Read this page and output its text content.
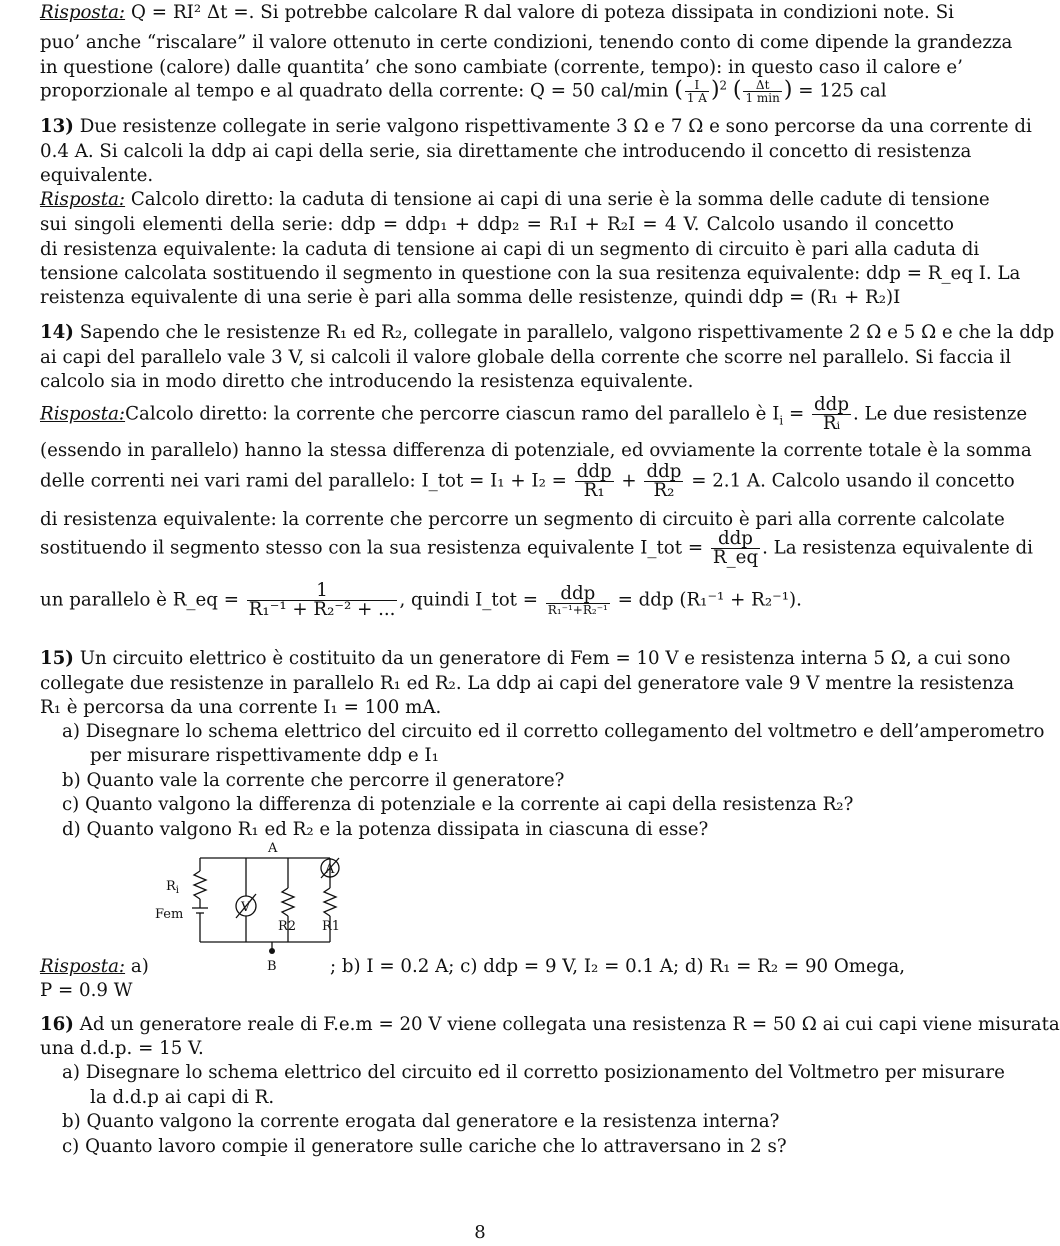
Risposta: Q = RI² Δt =. Si potrebbe calcolare R dal valore di poteza dissipata in condizioni note. Si
puo’ anche “riscalare” il valore ottenuto in certe condizioni, tenendo conto di come dipende la grandezza
in questione (calore) dalle quantita’ che sono cambiate (corrente, tempo): in questo caso il calore e’
proporzionale al tempo e al quadrato della corrente: Q = 50 cal/min ( $\frac{I}{1 A} )^2$ ( $\frac{\Delta t}{1 \min}$ ) = 125 cal
13) Due resistenze collegate in serie valgono rispettivamente 3 Ω e 7 Ω e sono percorse da una corrente di
0.4 A. Si calcoli la ddp ai capi della serie, sia direttamente che introducendo il concetto di resistenza
equivalente.
Risposta: Calcolo diretto: la caduta di tensione ai capi di una serie è la somma delle cadute di tensione
sui singoli elementi della serie: ddp = ddp₁ + ddp₂ = R₁I + R₂I = 4 V. Calcolo usando il concetto
di resistenza equivalente: la caduta di tensione ai capi di un segmento di circuito è pari alla caduta di
tensione calcolata sostituendo il segmento in questione con la sua resitenza equivalente: ddp = R_eq I. La
reistenza equivalente di una serie è pari alla somma delle resistenze, quindi ddp = (R₁ + R₂)I
14) Sapendo che le resistenze R₁ ed R₂, collegate in parallelo, valgono rispettivamente 2 Ω e 5 Ω e che la ddp
ai capi del parallelo vale 3 V, si calcoli il valore globale della corrente che scorre nel parallelo. Si faccia il
calcolo sia in modo diretto che introducendo la resistenza equivalente.
Risposta:Calcolo diretto: la corrente che percorre ciascun ramo del parallelo è $I_i = \frac{\text{ddp}}{\text{Rᵢ}}$ . Le due resistenze
(essendo in parallelo) hanno la stessa differenza di potenziale, ed ovviamente la corrente totale è la somma
delle correnti nei vari rami del parallelo: I_tot = $I_1 + I_2 = \frac{\text{ddp}}{\text{R₁}} + \frac{\text{ddp}}{\text{R₂}} = 2.1$ A. Calcolo usando il concetto
di resistenza equivalente: la corrente che percorre un segmento di circuito è pari alla corrente calcolate
sostituendo il segmento stesso con la sua resistenza equivalente I_tot = $\frac{\text{ddp}}{R\_eq}$ . La resistenza equivalente di
un parallelo è R_eq = $\frac{1}{\text{R₁⁻¹ + R₂⁻² + ...}}$ , quindi I_tot = $\frac{\text{ddp}}{\text{R₁⁻¹+R₂⁻¹}}$ = ddp (R₁⁻¹ + R₂⁻¹).
15) Un circuito elettrico è costituito da un generatore di Fem = 10 V e resistenza interna 5 Ω, a cui sono
collegate due resistenze in parallelo R₁ ed R₂. La ddp ai capi del generatore vale 9 V mentre la resistenza
R₁ è percorsa da una corrente I₁ = 100 mA.
a) Disegnare lo schema elettrico del circuito ed il corretto collegamento del voltmetro e dell’amperometro
per misurare rispettivamente ddp e I₁
b) Quanto vale la corrente che percorre il generatore?
c) Quanto valgono la differenza di potenziale e la corrente ai capi della resistenza R₂?
d) Quanto valgono R₁ ed R₂ e la potenza dissipata in ciascuna di esse?
A
$R_i$
Fem	V
A
R2 R1
B
Risposta: a)	; b) I = 0.2 A; c) ddp = 9 V, I₂ = 0.1 A; d) R₁ = R₂ = 90 Omega,
P = 0.9 W
16) Ad un generatore reale di F.e.m = 20 V viene collegata una resistenza R = 50 Ω ai cui capi viene misurata
una d.d.p. = 15 V.
a) Disegnare lo schema elettrico del circuito ed il corretto posizionamento del Voltmetro per misurare
la d.d.p ai capi di R.
b) Quanto valgono la corrente erogata dal generatore e la resistenza interna?
c) Quanto lavoro compie il generatore sulle cariche che lo attraversano in 2 s?
8
